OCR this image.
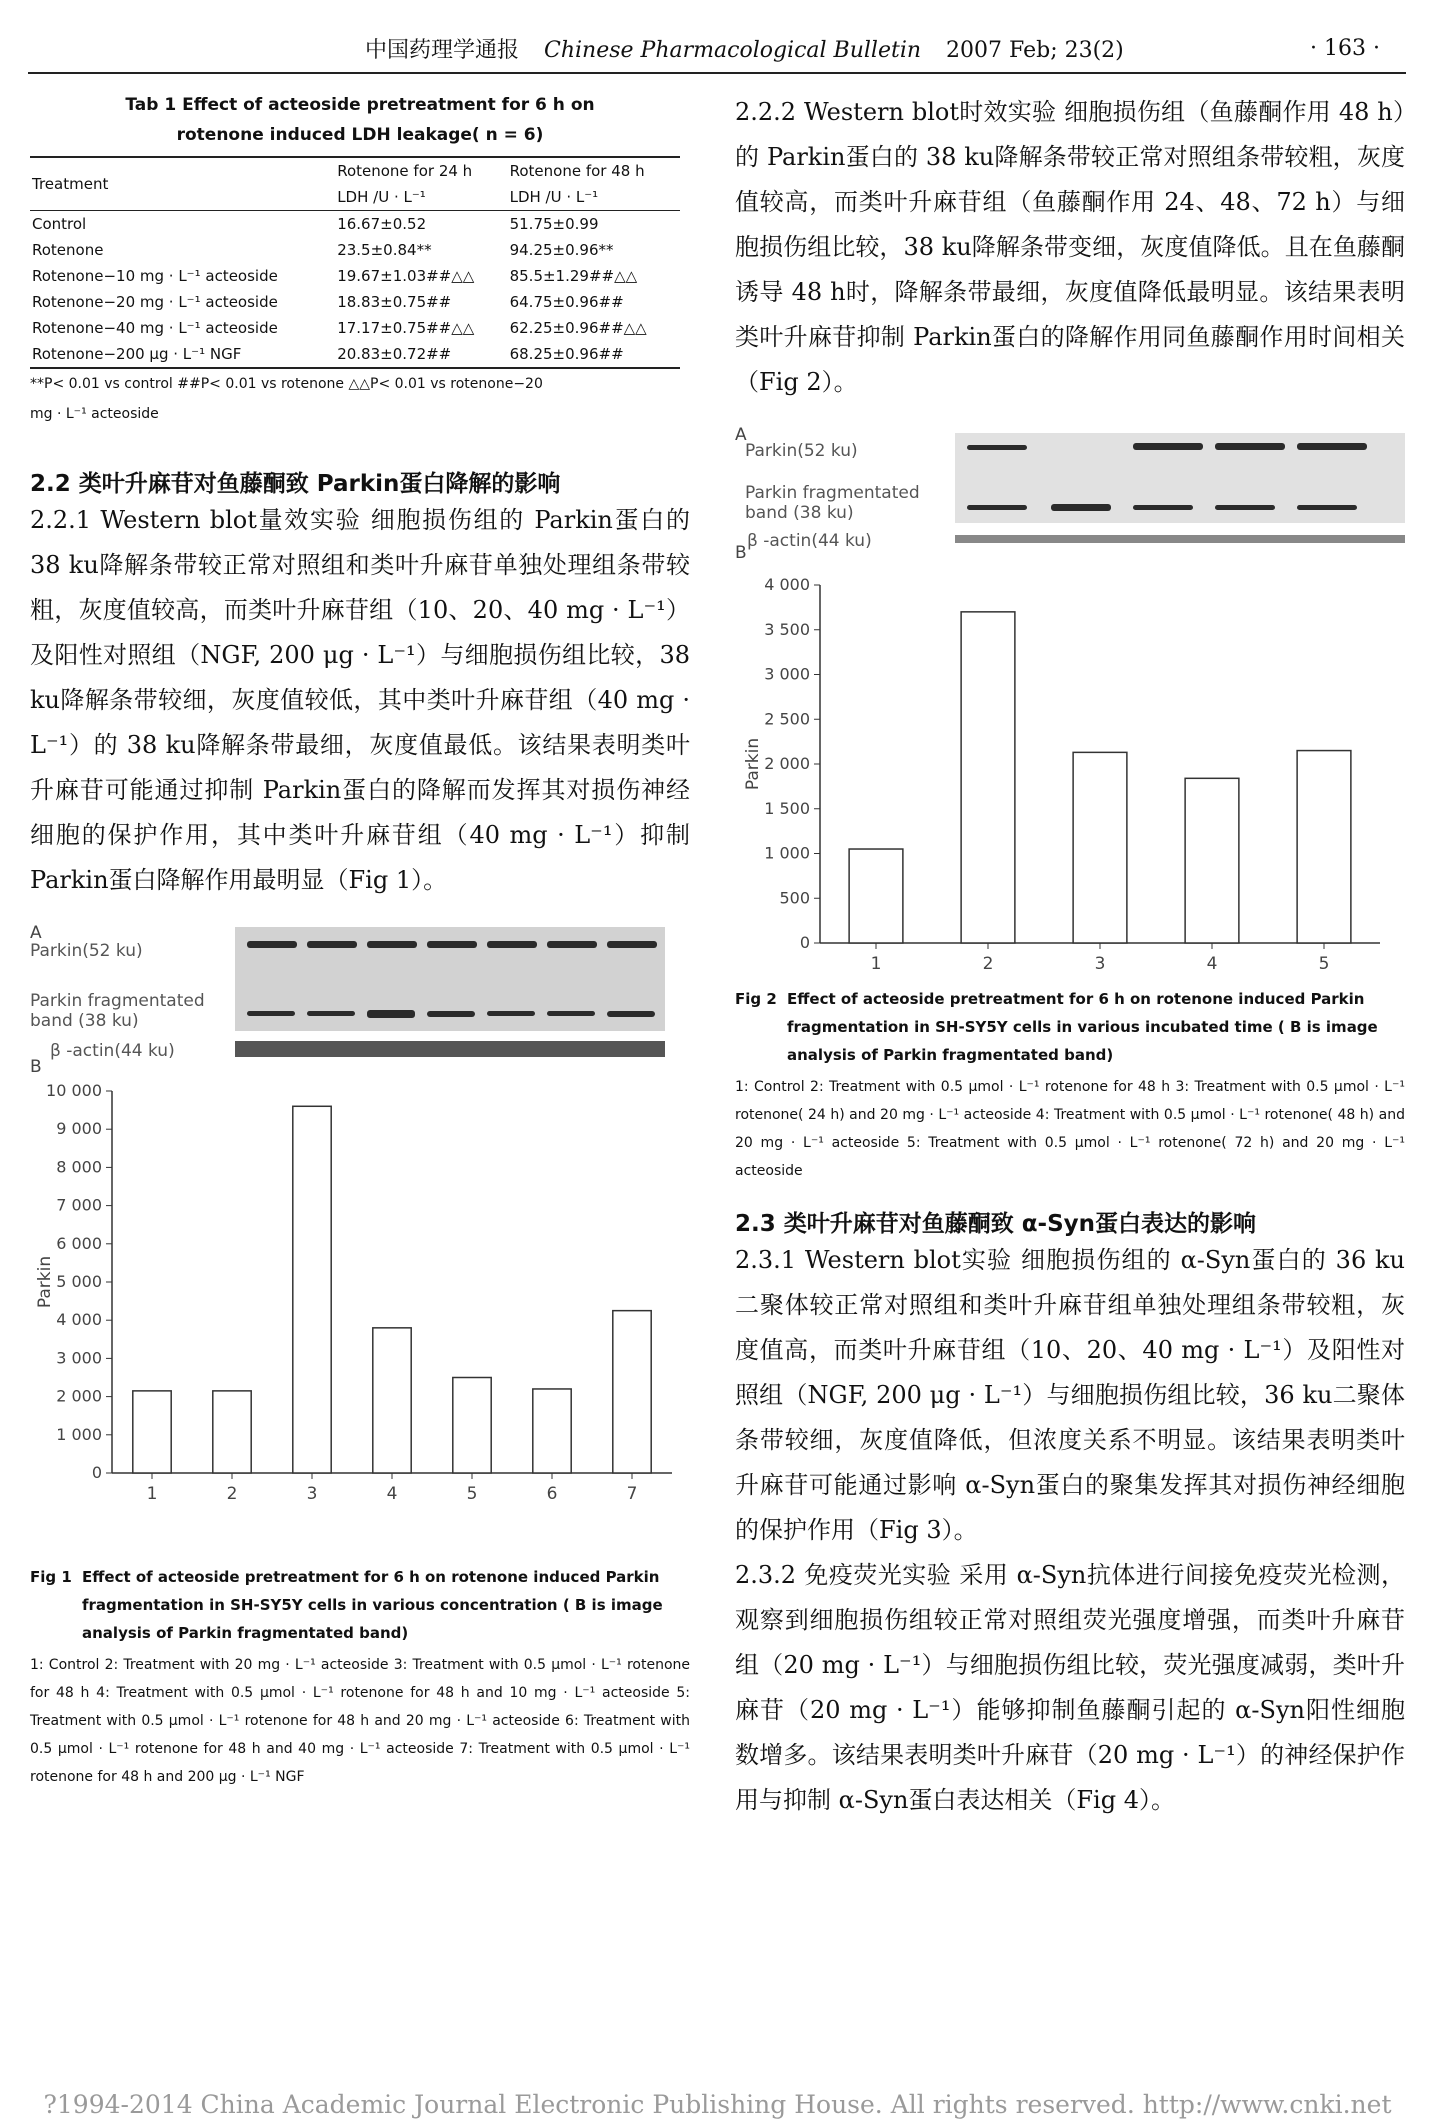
中国药理学通报 Chinese Pharmacological Bulletin 2007 Feb; 23(2)	· 163 ·
Tab 1 Effect of acteoside pretreatment for 6 h on
rotenone induced LDH leakage( n = 6)
Treatment	Rotenone for 24 h	Rotenone for 48 h
	LDH /U · L⁻¹	LDH /U · L⁻¹
Control	16.67±0.52	51.75±0.99
Rotenone	23.5±0.84**	94.25±0.96**
Rotenone−10 mg · L⁻¹ acteoside	19.67±1.03##△△	85.5±1.29##△△
Rotenone−20 mg · L⁻¹ acteoside	18.83±0.75##	64.75±0.96##
Rotenone−40 mg · L⁻¹ acteoside	17.17±0.75##△△	62.25±0.96##△△
Rotenone−200 μg · L⁻¹ NGF	20.83±0.72##	68.25±0.96##
**P< 0.01 vs control ##P< 0.01 vs rotenone △△P< 0.01 vs rotenone−20
mg · L⁻¹ acteoside
2.2 类叶升麻苷对鱼藤酮致 Parkin蛋白降解的影响

2.2.1 Western blot量效实验 细胞损伤组的 Parkin蛋白的 38 ku降解条带较正常对照组和类叶升麻苷单独处理组条带较粗，灰度值较高，而类叶升麻苷组（10、20、40 mg · L⁻¹）及阳性对照组（NGF, 200 μg · L⁻¹）与细胞损伤组比较，38 ku降解条带较细，灰度值较低，其中类叶升麻苷组（40 mg · L⁻¹）的 38 ku降解条带最细，灰度值最低。该结果表明类叶升麻苷可能通过抑制 Parkin蛋白的降解而发挥其对损伤神经细胞的保护作用，其中类叶升麻苷组（40 mg · L⁻¹）抑制 Parkin蛋白降解作用最明显（Fig 1）。

A
Parkin(52 ku)
Parkin fragmentated
band (38 ku)
β -actin(44 ku)
B
0
1 000
2 000
3 000
4 000
5 000
6 000
7 000
8 000
9 000
10 000
Parkin
1	2	3	4	5	6	7
Fig 1 Effect of acteoside pretreatment for 6 h on rotenone induced Parkin fragmentation in SH-SY5Y cells in various concentration ( B is image analysis of Parkin fragmentated band)
1: Control 2: Treatment with 20 mg · L⁻¹ acteoside 3: Treatment with 0.5 μmol · L⁻¹ rotenone for 48 h 4: Treatment with 0.5 μmol · L⁻¹ rotenone for 48 h and 10 mg · L⁻¹ acteoside 5: Treatment with 0.5 μmol · L⁻¹ rotenone for 48 h and 20 mg · L⁻¹ acteoside 6: Treatment with 0.5 μmol · L⁻¹ rotenone for 48 h and 40 mg · L⁻¹ acteoside 7: Treatment with 0.5 μmol · L⁻¹ rotenone for 48 h and 200 μg · L⁻¹ NGF

2.2.2 Western blot时效实验 细胞损伤组（鱼藤酮作用 48 h）的 Parkin蛋白的 38 ku降解条带较正常对照组条带较粗，灰度值较高，而类叶升麻苷组（鱼藤酮作用 24、48、72 h）与细胞损伤组比较，38 ku降解条带变细，灰度值降低。且在鱼藤酮诱导 48 h时，降解条带最细，灰度值降低最明显。该结果表明类叶升麻苷抑制 Parkin蛋白的降解作用同鱼藤酮作用时间相关（Fig 2）。

A
Parkin(52 ku)
Parkin fragmentated
band (38 ku)
β -actin(44 ku)
B
0
500
1 000
1 500
2 000
2 500
3 000
3 500
4 000
Parkin
1	2	3	4	5
Fig 2 Effect of acteoside pretreatment for 6 h on rotenone induced Parkin fragmentation in SH-SY5Y cells in various incubated time ( B is image analysis of Parkin fragmentated band)
1: Control 2: Treatment with 0.5 μmol · L⁻¹ rotenone for 48 h 3: Treatment with 0.5 μmol · L⁻¹ rotenone( 24 h) and 20 mg · L⁻¹ acteoside 4: Treatment with 0.5 μmol · L⁻¹ rotenone( 48 h) and 20 mg · L⁻¹ acteoside 5: Treatment with 0.5 μmol · L⁻¹ rotenone( 72 h) and 20 mg · L⁻¹ acteoside
2.3 类叶升麻苷对鱼藤酮致 α-Syn蛋白表达的影响

2.3.1 Western blot实验 细胞损伤组的 α-Syn蛋白的 36 ku二聚体较正常对照组和类叶升麻苷组单独处理组条带较粗，灰度值高，而类叶升麻苷组（10、20、40 mg · L⁻¹）及阳性对照组（NGF, 200 μg · L⁻¹）与细胞损伤组比较，36 ku二聚体条带较细，灰度值降低，但浓度关系不明显。该结果表明类叶升麻苷可能通过影响 α-Syn蛋白的聚集发挥其对损伤神经细胞的保护作用（Fig 3）。

2.3.2 免疫荧光实验 采用 α-Syn抗体进行间接免疫荧光检测，观察到细胞损伤组较正常对照组荧光强度增强，而类叶升麻苷组（20 mg · L⁻¹）与细胞损伤组比较，荧光强度减弱，类叶升麻苷（20 mg · L⁻¹）能够抑制鱼藤酮引起的 α-Syn阳性细胞数增多。该结果表明类叶升麻苷（20 mg · L⁻¹）的神经保护作用与抑制 α-Syn蛋白表达相关（Fig 4）。

?1994-2014 China Academic Journal Electronic Publishing House. All rights reserved. http://www.cnki.net
